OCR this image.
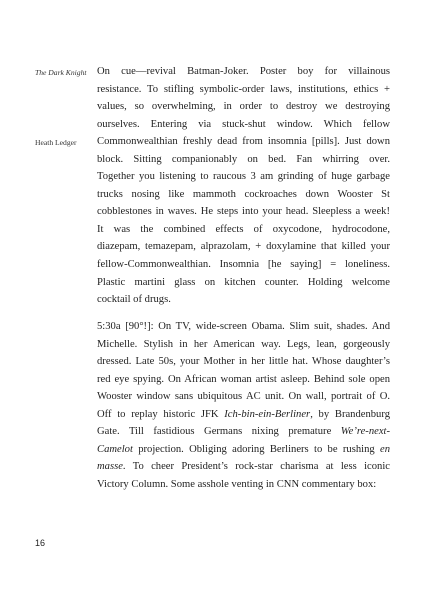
The Dark Knight
Heath Ledger
On cue—revival Batman-Joker. Poster boy for villainous
resistance. To stifling symbolic-order laws, institutions, ethics +
values, so overwhelming, in order to destroy we destroying
ourselves. Entering via stuck-shut window. Which fellow
Commonwealthian freshly dead from insomnia [pills]. Just down
block. Sitting companionably on bed. Fan whirring over.
Together you listening to raucous 3 am grinding of huge garbage
trucks nosing like mammoth cockroaches down Wooster St
cobblestones in waves. He steps into your head. Sleepless a week!
It was the combined effects of oxycodone, hydrocodone,
diazepam, temazepam, alprazolam, + doxylamine that killed your
fellow-Commonwealthian. Insomnia [he saying] = loneliness.
Plastic martini glass on kitchen counter. Holding welcome
cocktail of drugs.
5:30a [90°!]: On TV, wide-screen Obama. Slim suit, shades. And
Michelle. Stylish in her American way. Legs, lean, gorgeously
dressed. Late 50s, your Mother in her little hat. Whose daughter’s
red eye spying. On African woman artist asleep. Behind sole open
Wooster window sans ubiquitous AC unit. On wall, portrait of O.
Off to replay historic JFK Ich-bin-ein-Berliner, by Brandenburg
Gate. Till fastidious Germans nixing premature We’re-next-
Camelot projection. Obliging adoring Berliners to be rushing en
masse. To cheer President’s rock-star charisma at less iconic
Victory Column. Some asshole venting in CNN commentary box:
16
